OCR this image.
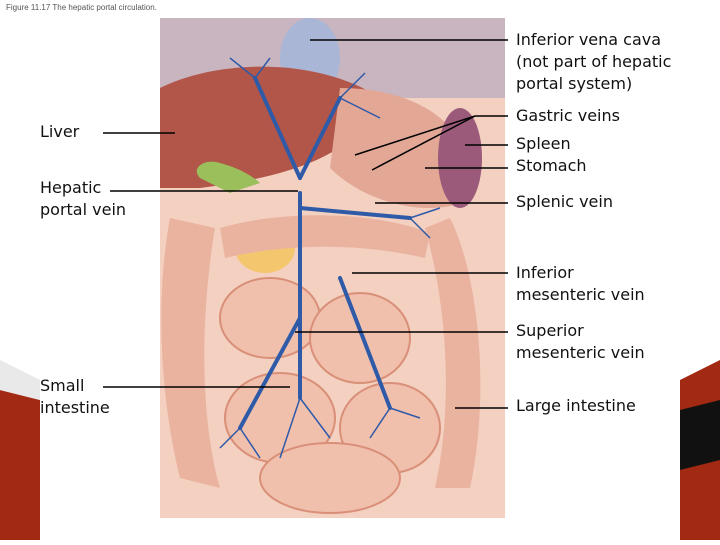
Figure 11.17 The hepatic portal circulation.
Inferior vena cava
(not part of hepatic
portal system)
Gastric veins
Spleen
Stomach
Splenic vein
Inferior
mesenteric vein
Superior
mesenteric vein
Large intestine
Liver
Hepatic
portal vein
Small
intestine
